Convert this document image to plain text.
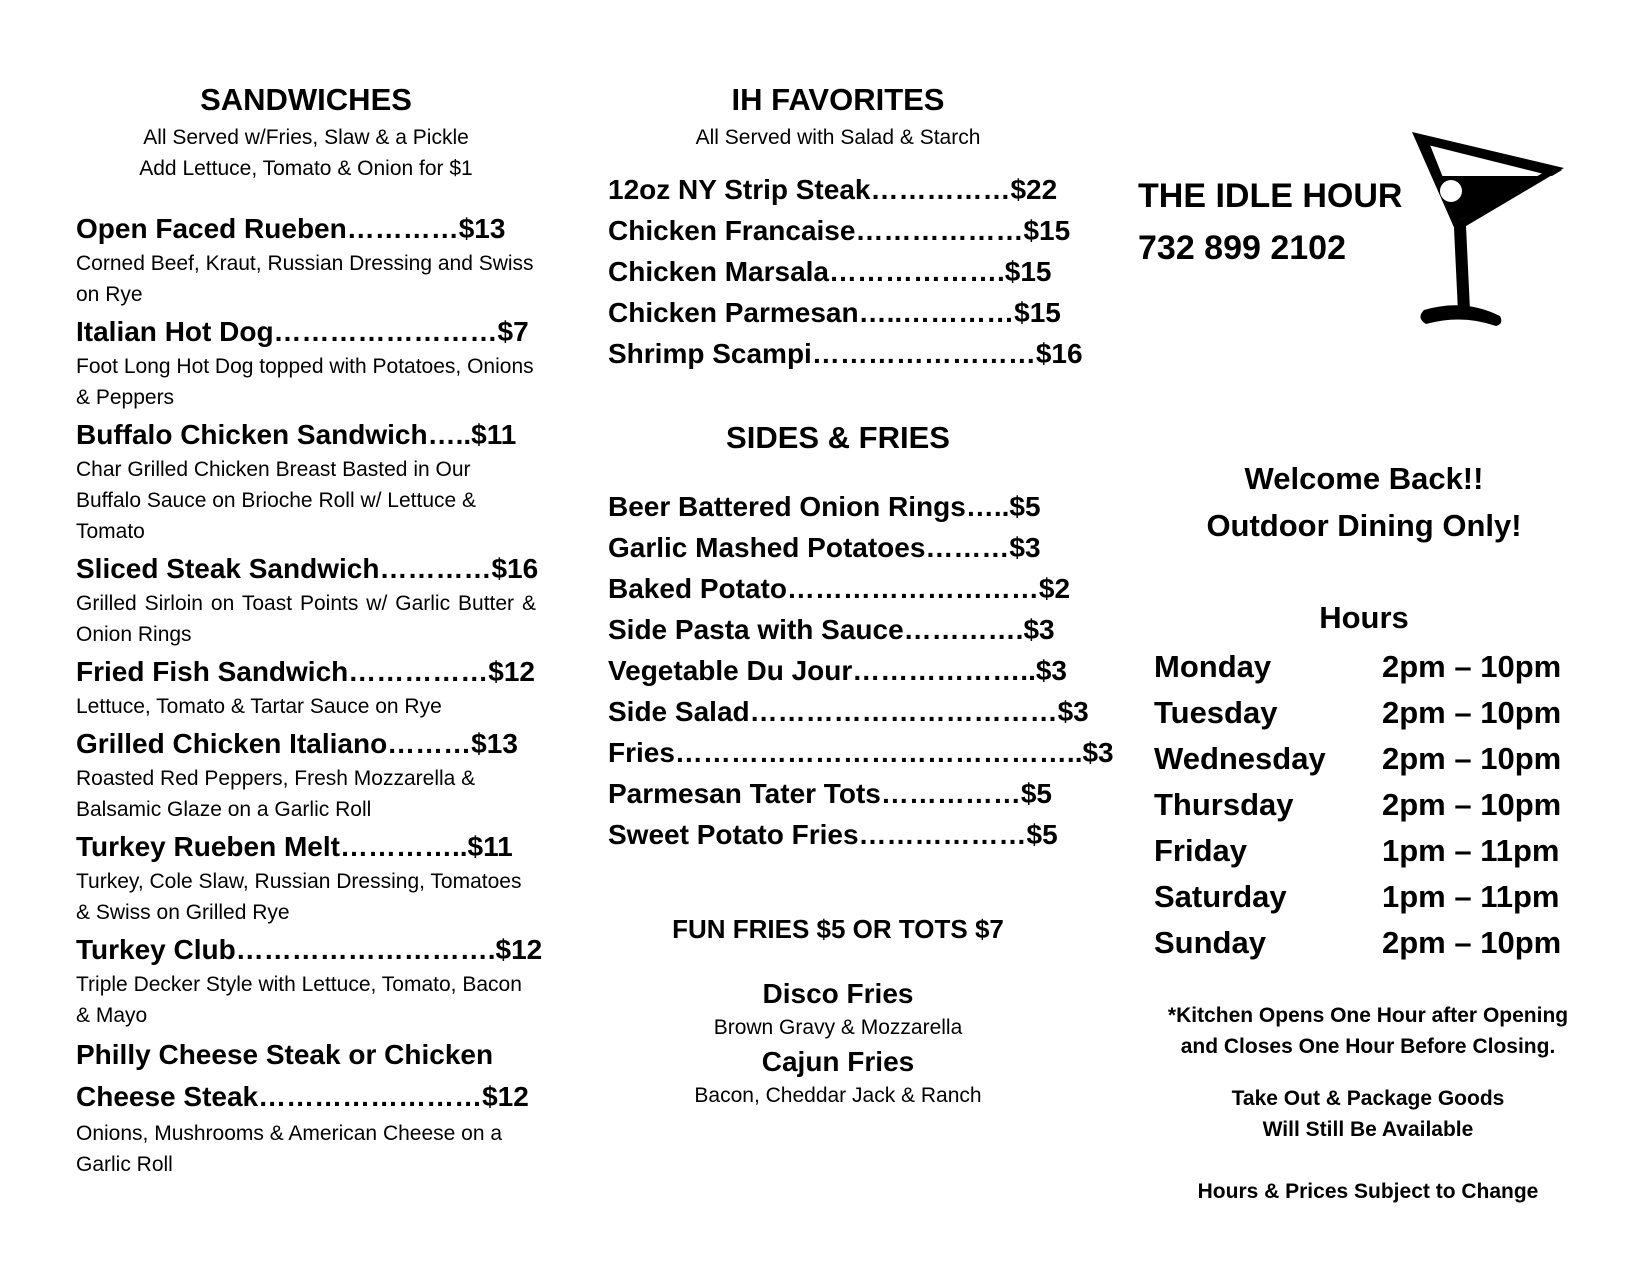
SANDWICHES

All Served w/Fries, Slaw & a Pickle

Add Lettuce, Tomato & Onion for $1

Open Faced Rueben…………$13

Corned Beef, Kraut, Russian Dressing and Swiss on Rye

Italian Hot Dog……………………$7

Foot Long Hot Dog topped with Potatoes, Onions & Peppers

Buffalo Chicken Sandwich…..$11

Char Grilled Chicken Breast Basted in Our Buffalo Sauce on Brioche Roll w/ Lettuce & Tomato

Sliced Steak Sandwich…………$16

Grilled Sirloin on Toast Points w/ Garlic Butter & Onion Rings

Fried Fish Sandwich……………$12

Lettuce, Tomato & Tartar Sauce on Rye

Grilled Chicken Italiano………$13

Roasted Red Peppers, Fresh Mozzarella & Balsamic Glaze on a Garlic Roll

Turkey Rueben Melt…………..$11

Turkey, Cole Slaw, Russian Dressing, Tomatoes & Swiss on Grilled Rye

Turkey Club……………………….$12

Triple Decker Style with Lettuce, Tomato, Bacon & Mayo

Philly Cheese Steak or Chicken

Cheese Steak……………………$12

Onions, Mushrooms & American Cheese on a Garlic Roll

IH FAVORITES

All Served with Salad & Starch

12oz NY Strip Steak……………$22

Chicken Francaise………………$15

Chicken Marsala……………….$15

Chicken Parmesan…..…………$15

Shrimp Scampi……………………$16

SIDES & FRIES

Beer Battered Onion Rings…..$5

Garlic Mashed Potatoes………$3

Baked Potato………………………$2

Side Pasta with Sauce………….$3

Vegetable Du Jour………………..$3

Side Salad……………………………$3

Fries……………………………………..$3

Parmesan Tater Tots……………$5

Sweet Potato Fries………………$5

FUN FRIES $5 OR TOTS $7

Disco Fries

Brown Gravy & Mozzarella

Cajun Fries

Bacon, Cheddar Jack & Ranch

THE IDLE HOUR

732 899 2102

Welcome Back!!

Outdoor Dining Only!

Hours
Monday	2pm – 10pm
Tuesday	2pm – 10pm
Wednesday	2pm – 10pm
Thursday	2pm – 10pm
Friday	1pm – 11pm
Saturday	1pm – 11pm
Sunday	2pm – 10pm

*Kitchen Opens One Hour after Opening

and Closes One Hour Before Closing.

Take Out & Package Goods

Will Still Be Available

Hours & Prices Subject to Change
